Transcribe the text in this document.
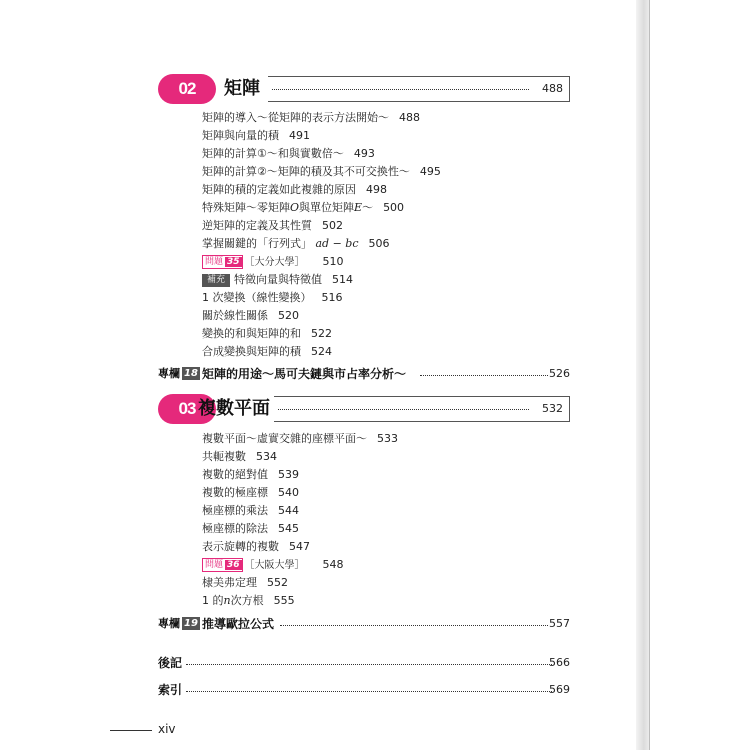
02	矩陣	488
矩陣的導入～從矩陣的表示方法開始～ 488
矩陣與向量的積 491
矩陣的計算①～和與實數倍～ 493
矩陣的計算②～矩陣的積及其不可交換性～ 495
矩陣的積的定義如此複雜的原因 498
特殊矩陣～零矩陣O與單位矩陣E～ 500
逆矩陣的定義及其性質 502
掌握關鍵的「行列式」 ad − bc 506
問題 35 ［大分大學］ 510
補充 特徵向量與特徵值 514
1 次變換（線性變換） 516
關於線性關係 520
變換的和與矩陣的和 522
合成變換與矩陣的積 524
專欄 18 矩陣的用途～馬可夫鏈與市占率分析～	526
03 複數平面	532
複數平面～虛實交雜的座標平面～ 533
共軛複數 534
複數的絕對值 539
複數的極座標 540
極座標的乘法 544
極座標的除法 545
表示旋轉的複數 547
問題 36 ［大阪大學］ 548
棣美弗定理 552
1 的n次方根 555
專欄 19 推導歐拉公式	557
後記	566
索引	569
xiv
